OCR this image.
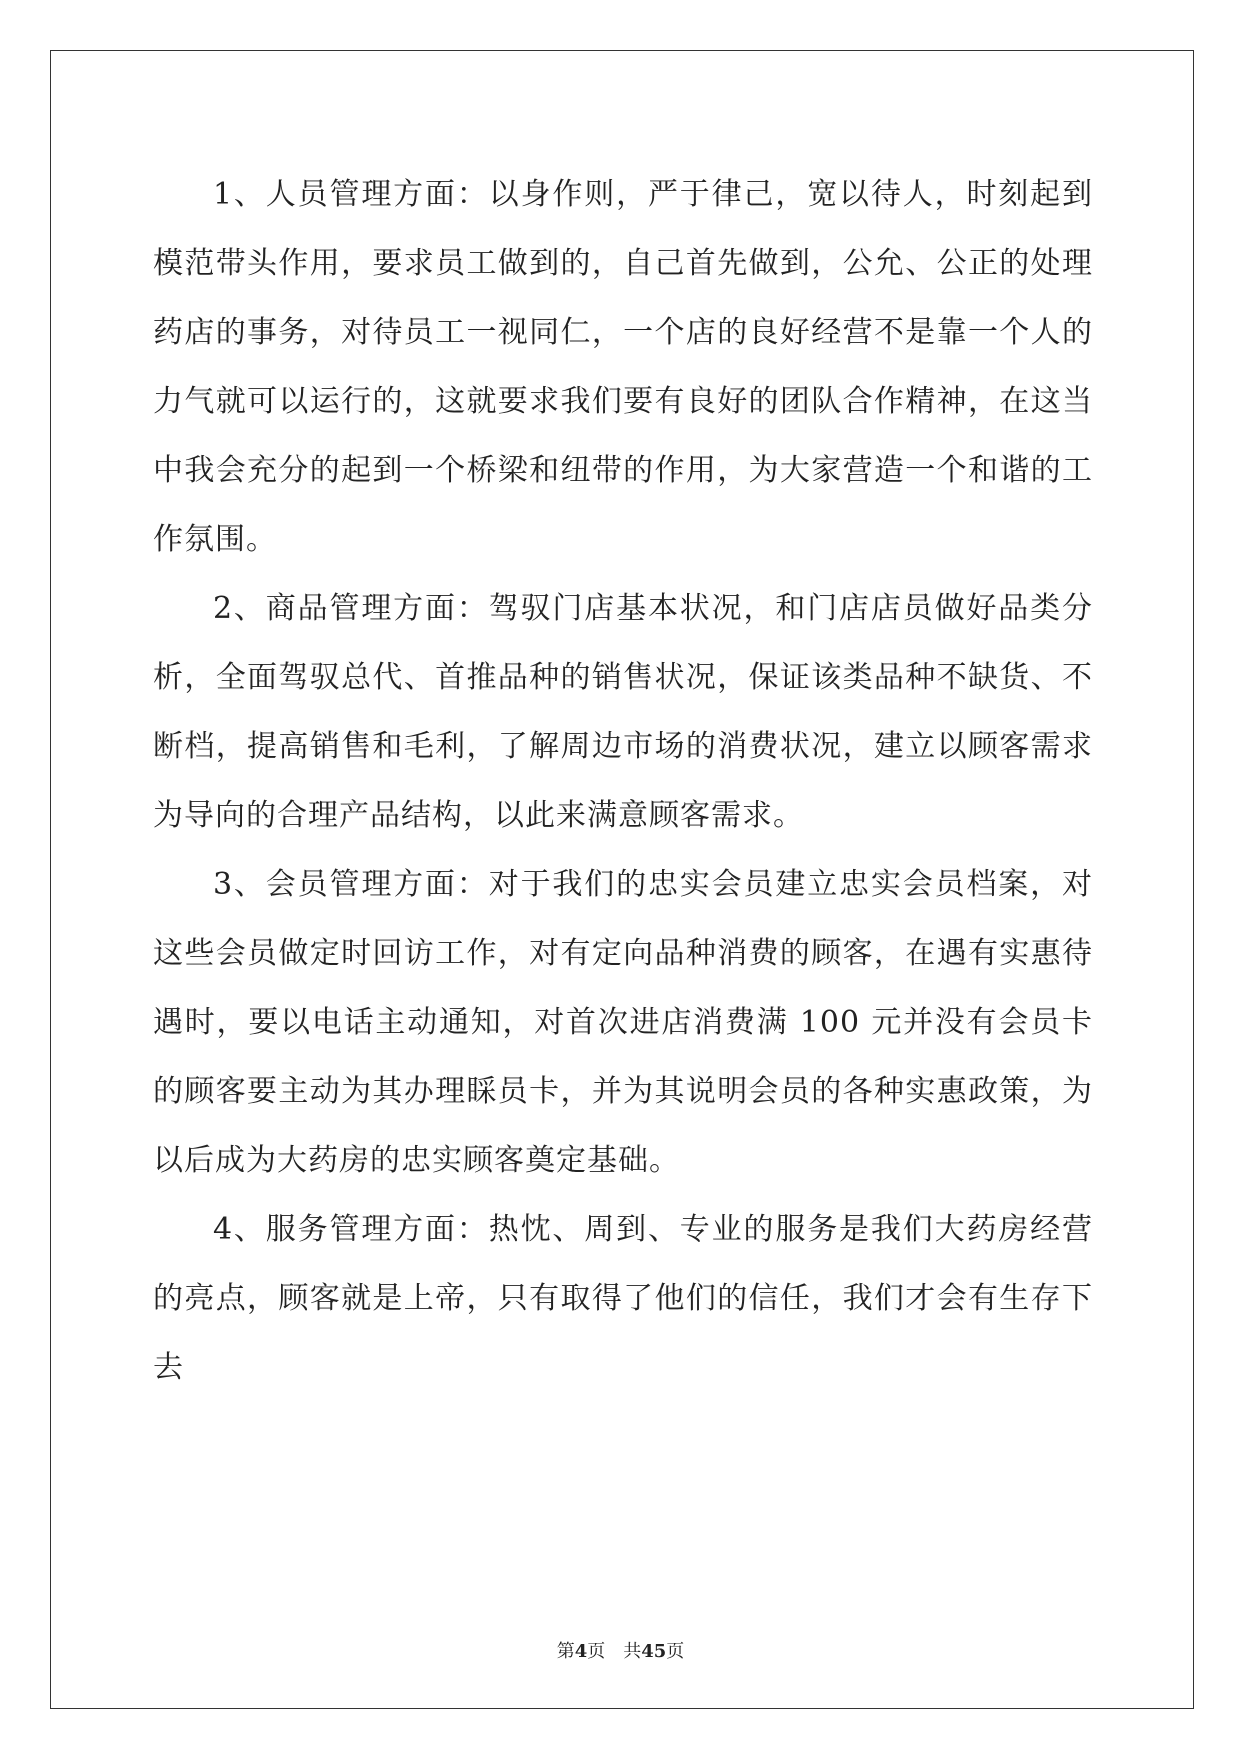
1、人员管理方面：以身作则，严于律己，宽以待人，时刻起到模范带头作用，要求员工做到的，自己首先做到，公允、公正的处理药店的事务，对待员工一视同仁，一个店的良好经营不是靠一个人的力气就可以运行的，这就要求我们要有良好的团队合作精神，在这当中我会充分的起到一个桥梁和纽带的作用，为大家营造一个和谐的工作氛围。

2、商品管理方面：驾驭门店基本状况，和门店店员做好品类分析，全面驾驭总代、首推品种的销售状况，保证该类品种不缺货、不断档，提高销售和毛利，了解周边市场的消费状况，建立以顾客需求为导向的合理产品结构，以此来满意顾客需求。

3、会员管理方面：对于我们的忠实会员建立忠实会员档案，对这些会员做定时回访工作，对有定向品种消费的顾客，在遇有实惠待遇时，要以电话主动通知，对首次进店消费满 100 元并没有会员卡的顾客要主动为其办理睬员卡，并为其说明会员的各种实惠政策，为以后成为大药房的忠实顾客奠定基础。

4、服务管理方面：热忱、周到、专业的服务是我们大药房经营的亮点，顾客就是上帝，只有取得了他们的信任，我们才会有生存下去

第4页 共45页
